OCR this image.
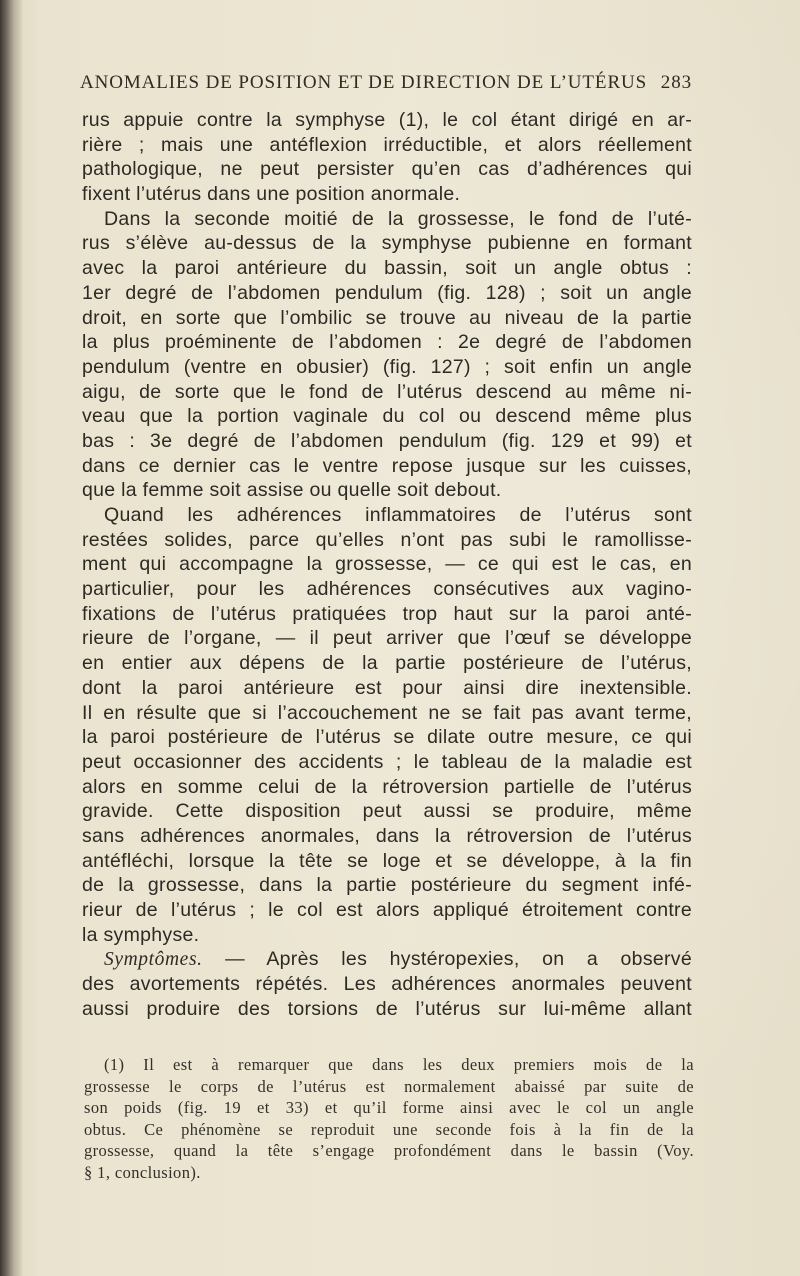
ANOMALIES DE POSITION ET DE DIRECTION DE L’UTÉRUS 283
rus appuie contre la symphyse (1), le col étant dirigé en ar-
rière ; mais une antéflexion irréductible, et alors réellement
pathologique, ne peut persister qu’en cas d’adhérences qui
fixent l’utérus dans une position anormale.
Dans la seconde moitié de la grossesse, le fond de l’uté-
rus s’élève au-dessus de la symphyse pubienne en formant
avec la paroi antérieure du bassin, soit un angle obtus :
1er degré de l’abdomen pendulum (fig. 128) ; soit un angle
droit, en sorte que l’ombilic se trouve au niveau de la partie
la plus proéminente de l’abdomen : 2e degré de l’abdomen
pendulum (ventre en obusier) (fig. 127) ; soit enfin un angle
aigu, de sorte que le fond de l’utérus descend au même ni-
veau que la portion vaginale du col ou descend même plus
bas : 3e degré de l’abdomen pendulum (fig. 129 et 99) et
dans ce dernier cas le ventre repose jusque sur les cuisses,
que la femme soit assise ou quelle soit debout.
Quand les adhérences inflammatoires de l’utérus sont
restées solides, parce qu’elles n’ont pas subi le ramollisse-
ment qui accompagne la grossesse, — ce qui est le cas, en
particulier, pour les adhérences consécutives aux vagino-
fixations de l’utérus pratiquées trop haut sur la paroi anté-
rieure de l’organe, — il peut arriver que l’œuf se développe
en entier aux dépens de la partie postérieure de l’utérus,
dont la paroi antérieure est pour ainsi dire inextensible.
Il en résulte que si l’accouchement ne se fait pas avant terme,
la paroi postérieure de l’utérus se dilate outre mesure, ce qui
peut occasionner des accidents ; le tableau de la maladie est
alors en somme celui de la rétroversion partielle de l’utérus
gravide. Cette disposition peut aussi se produire, même
sans adhérences anormales, dans la rétroversion de l’utérus
antéfléchi, lorsque la tête se loge et se développe, à la fin
de la grossesse, dans la partie postérieure du segment infé-
rieur de l’utérus ; le col est alors appliqué étroitement contre
la symphyse.
Symptômes. — Après les hystéropexies, on a observé
des avortements répétés. Les adhérences anormales peuvent
aussi produire des torsions de l’utérus sur lui-même allant
(1) Il est à remarquer que dans les deux premiers mois de la
grossesse le corps de l’utérus est normalement abaissé par suite de
son poids (fig. 19 et 33) et qu’il forme ainsi avec le col un angle
obtus. Ce phénomène se reproduit une seconde fois à la fin de la
grossesse, quand la tête s’engage profondément dans le bassin (Voy.
§ 1, conclusion).
